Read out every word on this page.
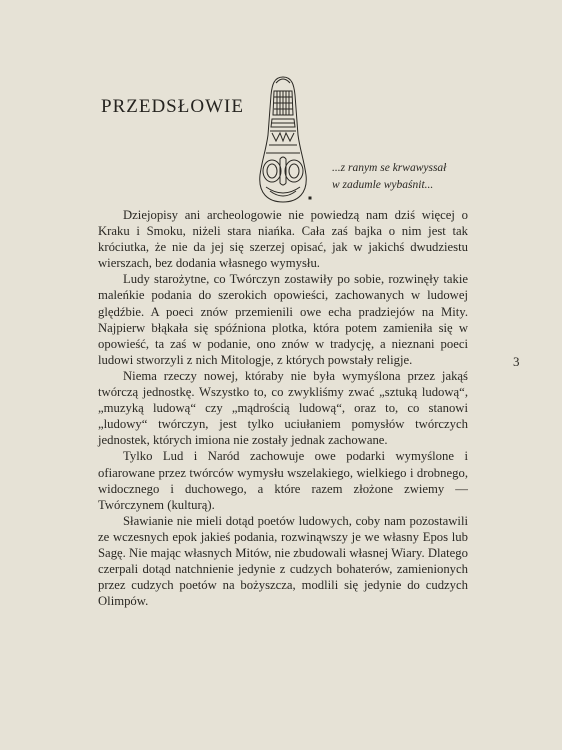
PRZEDSŁOWIE
...z ranym se krwawyssał
w zadumle wybaśnit...

Dziejopisy ani archeologowie nie powiedzą nam dziś więcej o Kraku i Smoku, niżeli stara niańka. Cała zaś bajka o nim jest tak króciutka, że nie da jej się szerzej opisać, jak w jakichś dwudziestu wierszach, bez dodania własnego wymysłu.

Ludy starożytne, co Twórczyn zostawiły po sobie, rozwinęły takie maleńkie podania do szerokich opowieści, zachowanych w ludowej ględźbie. A poeci znów przemienili owe echa pradziejów na Mity. Najpierw błąkała się spóźniona plotka, która potem zamieniła się w opowieść, ta zaś w podanie, ono znów w tradycję, a nieznani poeci ludowi stworzyli z nich Mitologje, z których powstały religje.

Niema rzeczy nowej, któraby nie była wymyślona przez jakąś twórczą jednostkę. Wszystko to, co zwykliśmy zwać „sztuką ludową“, „muzyką ludową“ czy „mądrością ludową“, oraz to, co stanowi „ludowy“ twórczyn, jest tylko uciułaniem pomysłów twórczych jednostek, których imiona nie zostały jednak zachowane.

Tylko Lud i Naród zachowuje owe podarki wymyślone i ofiarowane przez twórców wymysłu wszelakiego, wielkiego i drobnego, widocznego i duchowego, a które razem złożone zwiemy — Twórczynem (kulturą).

Sławianie nie mieli dotąd poetów ludowych, coby nam pozostawili ze wczesnych epok jakieś podania, rozwinąwszy je we własny Epos lub Sagę. Nie mając własnych Mitów, nie zbudowali własnej Wiary. Dlatego czerpali dotąd natchnienie jedynie z cudzych bohaterów, zamienionych przez cudzych poetów na bożyszcza, modlili się jedynie do cudzych Olimpów.

3
